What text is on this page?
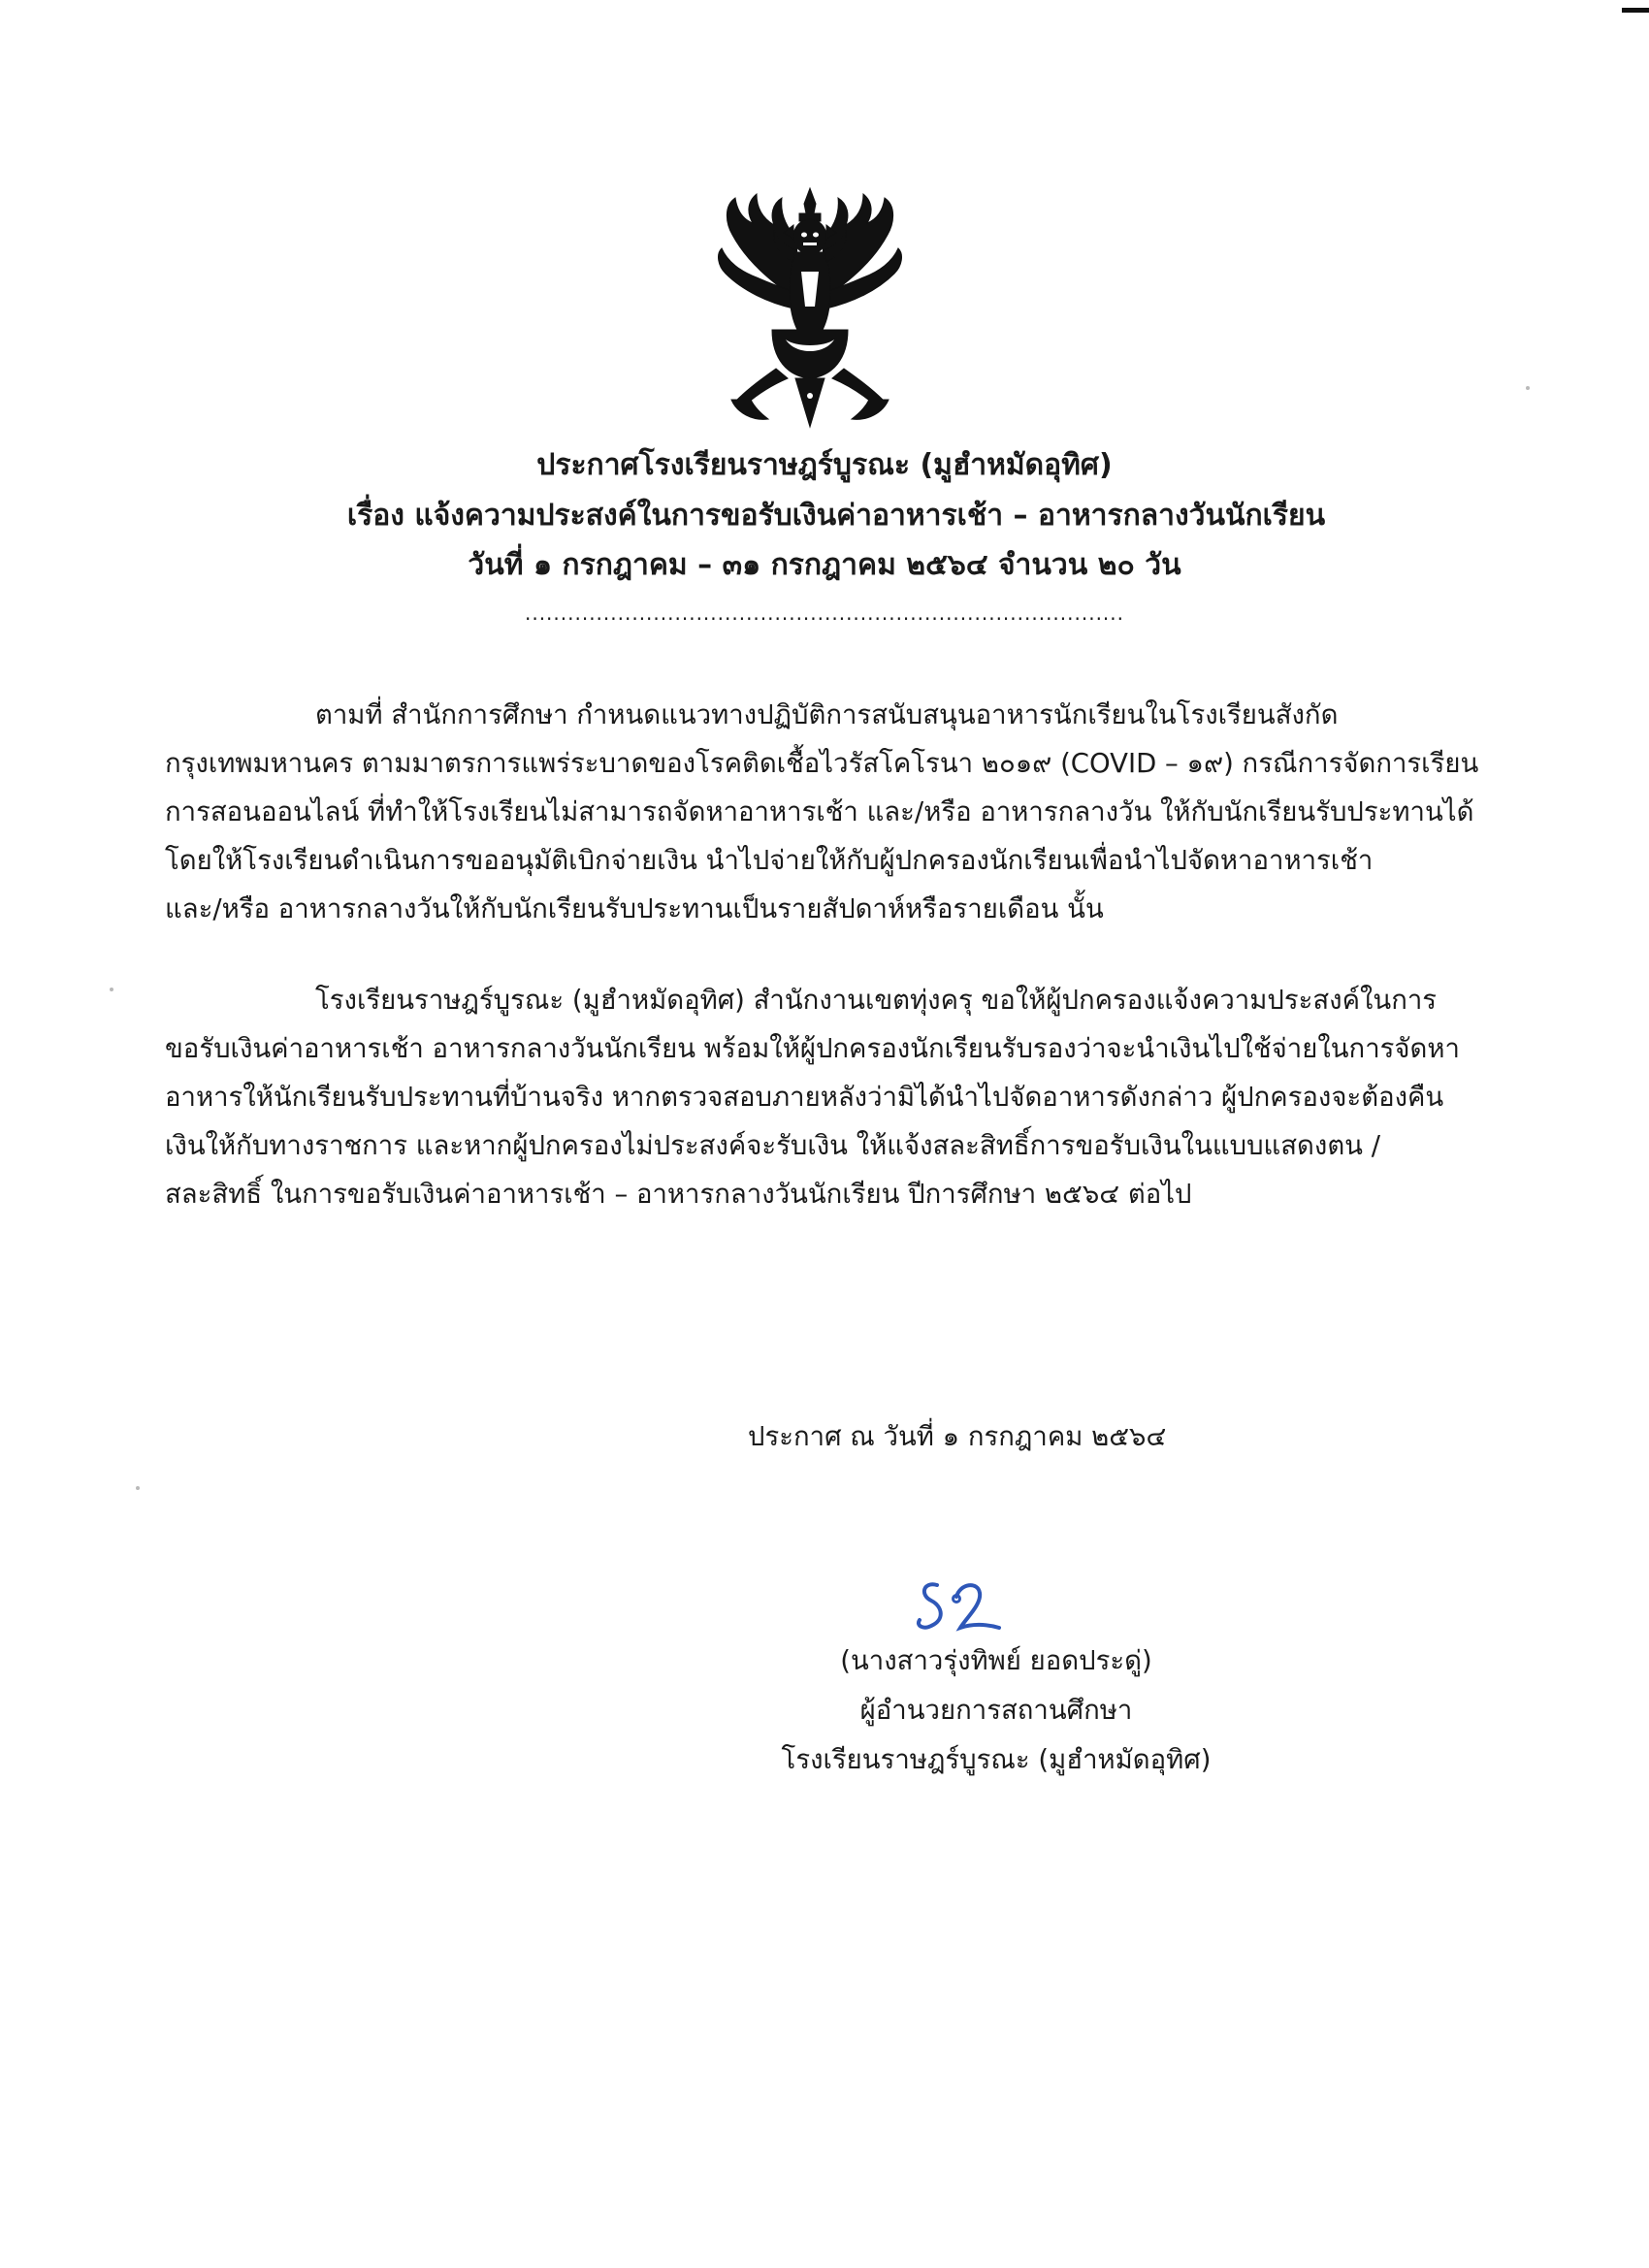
ประกาศโรงเรียนราษฎร์บูรณะ (มูฮำหมัดอุทิศ)
เรื่อง แจ้งความประสงค์ในการขอรับเงินค่าอาหารเช้า – อาหารกลางวันนักเรียน
วันที่ ๑ กรกฎาคม – ๓๑ กรกฎาคม ๒๕๖๔ จำนวน ๒๐ วัน
....................................................................................
ตามที่ สำนักการศึกษา กำหนดแนวทางปฏิบัติการสนับสนุนอาหารนักเรียนในโรงเรียนสังกัด
กรุงเทพมหานคร ตามมาตรการแพร่ระบาดของโรคติดเชื้อไวรัสโคโรนา ๒๐๑๙ (COVID – ๑๙) กรณีการจัดการเรียน
การสอนออนไลน์ ที่ทำให้โรงเรียนไม่สามารถจัดหาอาหารเช้า และ/หรือ อาหารกลางวัน ให้กับนักเรียนรับประทานได้
โดยให้โรงเรียนดำเนินการขออนุมัติเบิกจ่ายเงิน นำไปจ่ายให้กับผู้ปกครองนักเรียนเพื่อนำไปจัดหาอาหารเช้า
และ/หรือ อาหารกลางวันให้กับนักเรียนรับประทานเป็นรายสัปดาห์หรือรายเดือน นั้น
โรงเรียนราษฎร์บูรณะ (มูฮำหมัดอุทิศ) สำนักงานเขตทุ่งครุ ขอให้ผู้ปกครองแจ้งความประสงค์ในการ
ขอรับเงินค่าอาหารเช้า อาหารกลางวันนักเรียน พร้อมให้ผู้ปกครองนักเรียนรับรองว่าจะนำเงินไปใช้จ่ายในการจัดหา
อาหารให้นักเรียนรับประทานที่บ้านจริง หากตรวจสอบภายหลังว่ามิได้นำไปจัดอาหารดังกล่าว ผู้ปกครองจะต้องคืน
เงินให้กับทางราชการ และหากผู้ปกครองไม่ประสงค์จะรับเงิน ให้แจ้งสละสิทธิ์การขอรับเงินในแบบแสดงตน /
สละสิทธิ์ ในการขอรับเงินค่าอาหารเช้า – อาหารกลางวันนักเรียน ปีการศึกษา ๒๕๖๔ ต่อไป
ประกาศ ณ วันที่ ๑ กรกฎาคม ๒๕๖๔
(นางสาวรุ่งทิพย์ ยอดประดู่)
ผู้อำนวยการสถานศึกษา
โรงเรียนราษฎร์บูรณะ (มูฮำหมัดอุทิศ)
